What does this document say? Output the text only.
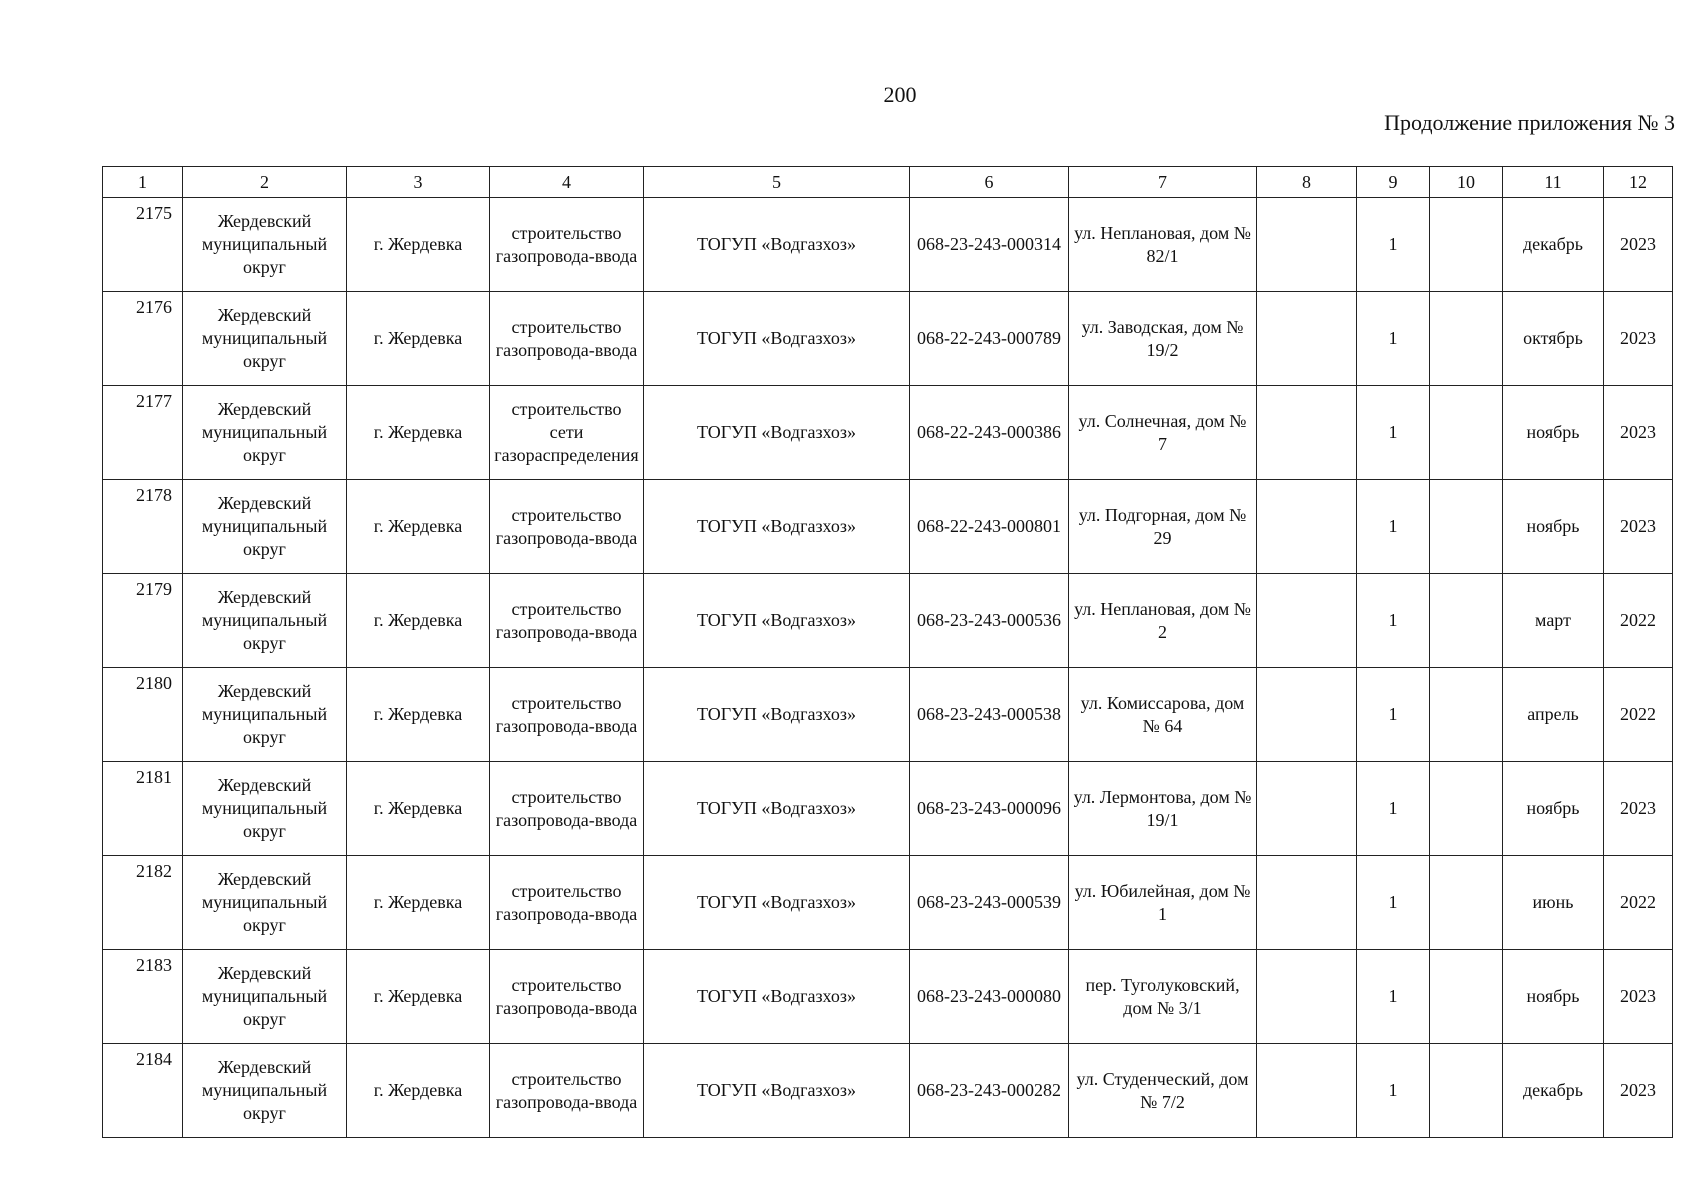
200
Продолжение приложения № 3
1	2	3	4	5	6	7	8	9	10	11	12
2175	Жердевский муниципальный округ	г. Жердевка	строительство газопровода-ввода	ТОГУП «Водгазхоз»	068-23-243-000314	ул. Неплановая, дом № 82/1		1		декабрь	2023
2176	Жердевский муниципальный округ	г. Жердевка	строительство газопровода-ввода	ТОГУП «Водгазхоз»	068-22-243-000789	ул. Заводская, дом № 19/2		1		октябрь	2023
2177	Жердевский муниципальный округ	г. Жердевка	строительство сети газораспределения	ТОГУП «Водгазхоз»	068-22-243-000386	ул. Солнечная, дом № 7		1		ноябрь	2023
2178	Жердевский муниципальный округ	г. Жердевка	строительство газопровода-ввода	ТОГУП «Водгазхоз»	068-22-243-000801	ул. Подгорная, дом № 29		1		ноябрь	2023
2179	Жердевский муниципальный округ	г. Жердевка	строительство газопровода-ввода	ТОГУП «Водгазхоз»	068-23-243-000536	ул. Неплановая, дом № 2		1		март	2022
2180	Жердевский муниципальный округ	г. Жердевка	строительство газопровода-ввода	ТОГУП «Водгазхоз»	068-23-243-000538	ул. Комиссарова, дом № 64		1		апрель	2022
2181	Жердевский муниципальный округ	г. Жердевка	строительство газопровода-ввода	ТОГУП «Водгазхоз»	068-23-243-000096	ул. Лермонтова, дом № 19/1		1		ноябрь	2023
2182	Жердевский муниципальный округ	г. Жердевка	строительство газопровода-ввода	ТОГУП «Водгазхоз»	068-23-243-000539	ул. Юбилейная, дом № 1		1		июнь	2022
2183	Жердевский муниципальный округ	г. Жердевка	строительство газопровода-ввода	ТОГУП «Водгазхоз»	068-23-243-000080	пер. Туголуковский, дом № 3/1		1		ноябрь	2023
2184	Жердевский муниципальный округ	г. Жердевка	строительство газопровода-ввода	ТОГУП «Водгазхоз»	068-23-243-000282	ул. Студенческий, дом № 7/2		1		декабрь	2023
